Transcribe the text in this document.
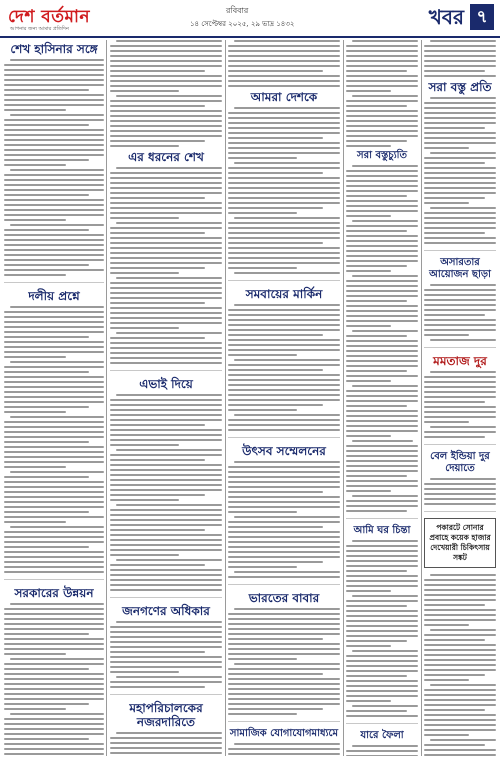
দেশ বর্তমান
আপনার জন্য আমার প্রতিদিন
রবিবার
১৪ সেপ্টেম্বর ২০২৫, ২৯ ভাদ্র ১৪৩২	খবর ৭
শেখ হাসিনার সঙ্গে
দলীয় প্রশ্নে
সরকারের উন্নয়ন
এর ধরনের শেখ
এভাই দিয়ে
জনগণের অধিকার
মহাপরিচালকের নজরদারিতে
আমরা দেশকে
সমবায়ের মার্কিন
উৎসব সম্মেলনের
ভারতের বাবার
সামাজিক যোগাযোগমাধ্যমে
সরা বস্তুচ্যুতি
আমি ঘর চিন্তা
যারে ফৈলা
সরা বস্তু প্রতি
অসারতার আয়োজন ছাড়া
মমতাজ দুর
বেল ইন্ডিয়া দুর দেয়াতে
পকারটে সোনার প্রবাহে কয়েক হাজার দেখেয়ারী চিকিৎসায় সঙ্কট
